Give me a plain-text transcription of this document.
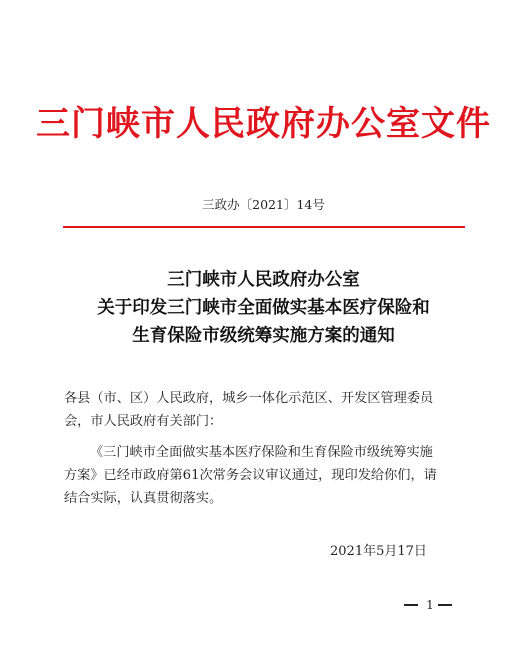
三门峡市人民政府办公室文件
三政办〔2021〕14号
三门峡市人民政府办公室
关于印发三门峡市全面做实基本医疗保险和
生育保险市级统筹实施方案的通知
各县（市、区）人民政府，城乡一体化示范区、开发区管理委员
会，市人民政府有关部门：
《三门峡市全面做实基本医疗保险和生育保险市级统筹实施
方案》已经市政府第61次常务会议审议通过，现印发给你们，请
结合实际，认真贯彻落实。
2021年5月17日
1
